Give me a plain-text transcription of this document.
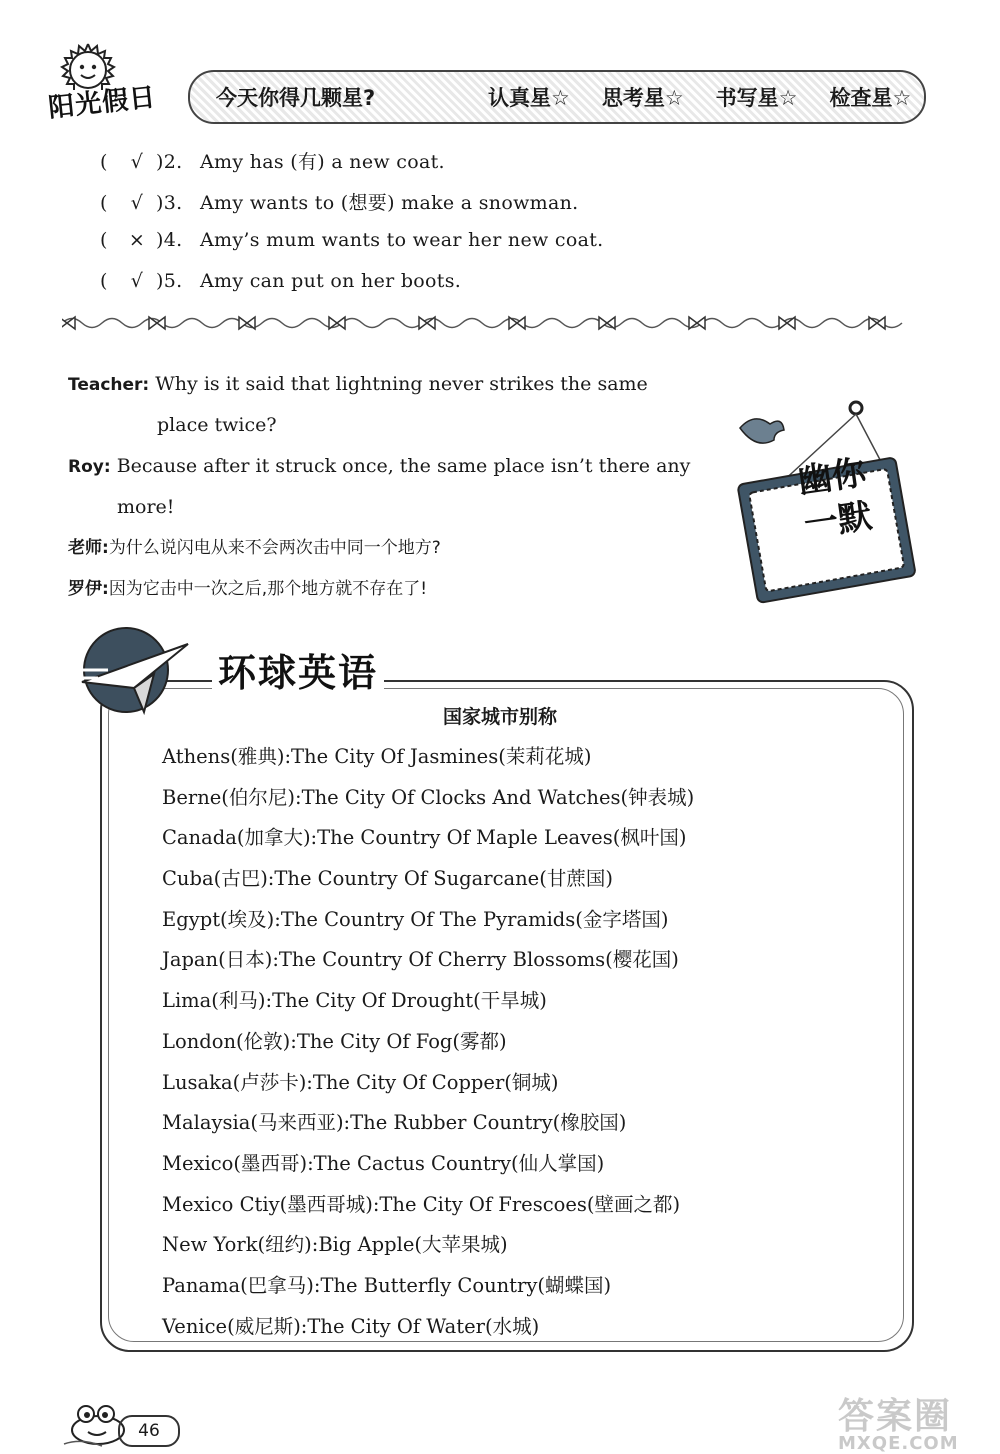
阳光假日	今天你得几颗星?	认真星☆ 思考星☆ 书写星☆ 检查星☆
(	√ )2. Amy has (有) a new coat.
(	√ )3. Amy wants to (想要) make a snowman.
(	× )4. Amy’s mum wants to wear her new coat.
(	√ )5. Amy can put on her boots.
Teacher: Why is it said that lightning never strikes the same
place twice?
Roy: Because after it struck once, the same place isn’t there any
more!
老师:为什么说闪电从来不会两次击中同一个地方?
罗伊:因为它击中一次之后,那个地方就不存在了!
幽你
一默
环球英语
国家城市别称
Athens(雅典):The City Of Jasmines(茉莉花城)
Berne(伯尔尼):The City Of Clocks And Watches(钟表城)
Canada(加拿大):The Country Of Maple Leaves(枫叶国)
Cuba(古巴):The Country Of Sugarcane(甘蔗国)
Egypt(埃及):The Country Of The Pyramids(金字塔国)
Japan(日本):The Country Of Cherry Blossoms(樱花国)
Lima(利马):The City Of Drought(干旱城)
London(伦敦):The City Of Fog(雾都)
Lusaka(卢莎卡):The City Of Copper(铜城)
Malaysia(马来西亚):The Rubber Country(橡胶国)
Mexico(墨西哥):The Cactus Country(仙人掌国)
Mexico Ctiy(墨西哥城):The City Of Frescoes(壁画之都)
New York(纽约):Big Apple(大苹果城)
Panama(巴拿马):The Butterfly Country(蝴蝶国)
Venice(威尼斯):The City Of Water(水城)
46	答案圈
MXQE.COM
